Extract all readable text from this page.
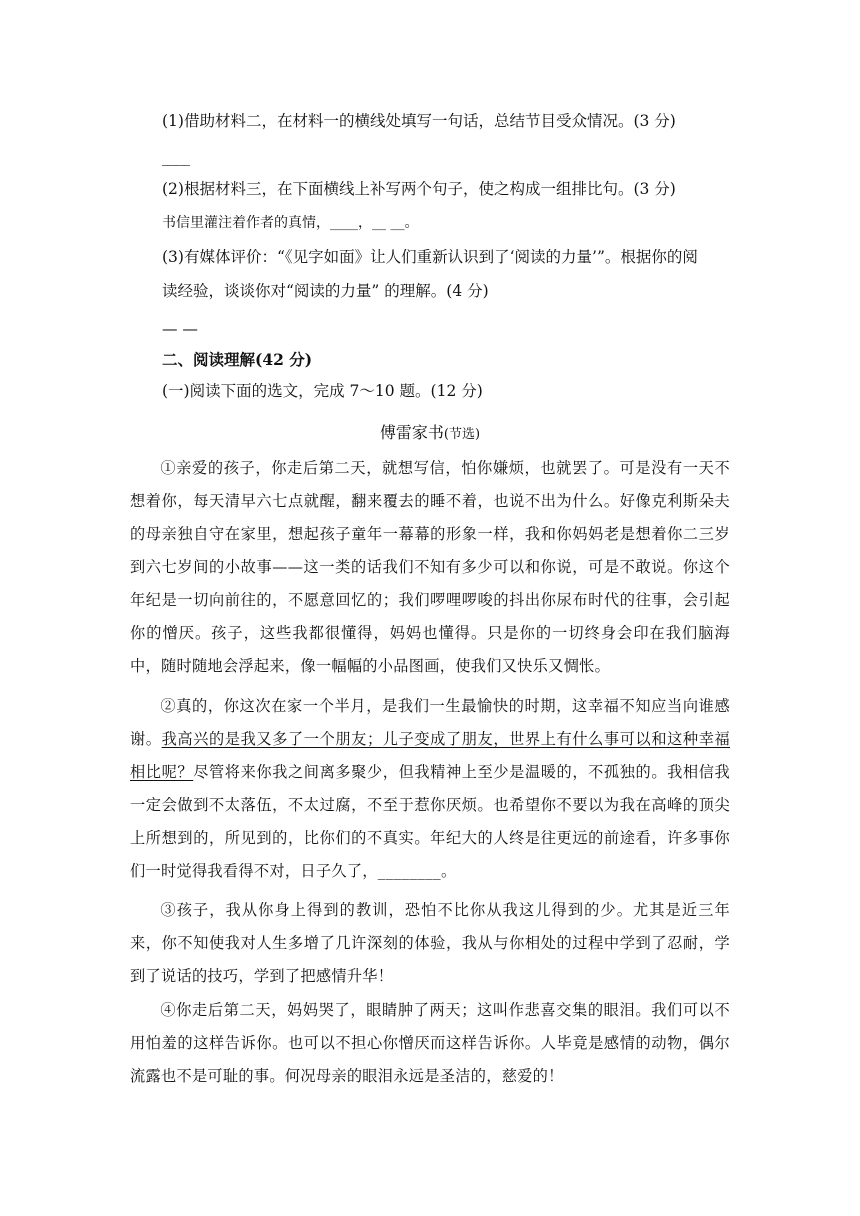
(1)借助材料二，在材料一的横线处填写一句话，总结节目受众情况。(3 分)

____

(2)根据材料三，在下面横线上补写两个句子，使之构成一组排比句。(3 分)

书信里灌注着作者的真情，____，__ __。

(3)有媒体评价：“《见字如面》让人们重新认识到了‘阅读的力量’”。根据你的阅

读经验，谈谈你对“阅读的力量” 的理解。(4 分)

— —

二、阅读理解(42 分)

(一)阅读下面的选文，完成 7～10 题。(12 分)

傅雷家书(节选)

①亲爱的孩子，你走后第二天，就想写信，怕你嫌烦，也就罢了。可是没有一天不想着你，每天清早六七点就醒，翻来覆去的睡不着，也说不出为什么。好像克利斯朵夫的母亲独自守在家里，想起孩子童年一幕幕的形象一样，我和你妈妈老是想着你二三岁到六七岁间的小故事——这一类的话我们不知有多少可以和你说，可是不敢说。你这个年纪是一切向前往的，不愿意回忆的；我们啰哩啰唆的抖出你尿布时代的往事，会引起你的憎厌。孩子，这些我都很懂得，妈妈也懂得。只是你的一切终身会印在我们脑海中，随时随地会浮起来，像一幅幅的小品图画，使我们又快乐又惆怅。

②真的，你这次在家一个半月，是我们一生最愉快的时期，这幸福不知应当向谁感谢。我高兴的是我又多了一个朋友；儿子变成了朋友，世界上有什么事可以和这种幸福相比呢？尽管将来你我之间离多聚少，但我精神上至少是温暖的，不孤独的。我相信我一定会做到不太落伍，不太过腐，不至于惹你厌烦。也希望你不要以为我在高峰的顶尖上所想到的，所见到的，比你们的不真实。年纪大的人终是往更远的前途看，许多事你们一时觉得我看得不对，日子久了，________。

③孩子，我从你身上得到的教训，恐怕不比你从我这儿得到的少。尤其是近三年来，你不知使我对人生多增了几许深刻的体验，我从与你相处的过程中学到了忍耐，学到了说话的技巧，学到了把感情升华！

④你走后第二天，妈妈哭了，眼睛肿了两天；这叫作悲喜交集的眼泪。我们可以不用怕羞的这样告诉你。也可以不担心你憎厌而这样告诉你。人毕竟是感情的动物，偶尔流露也不是可耻的事。何况母亲的眼泪永远是圣洁的，慈爱的！
